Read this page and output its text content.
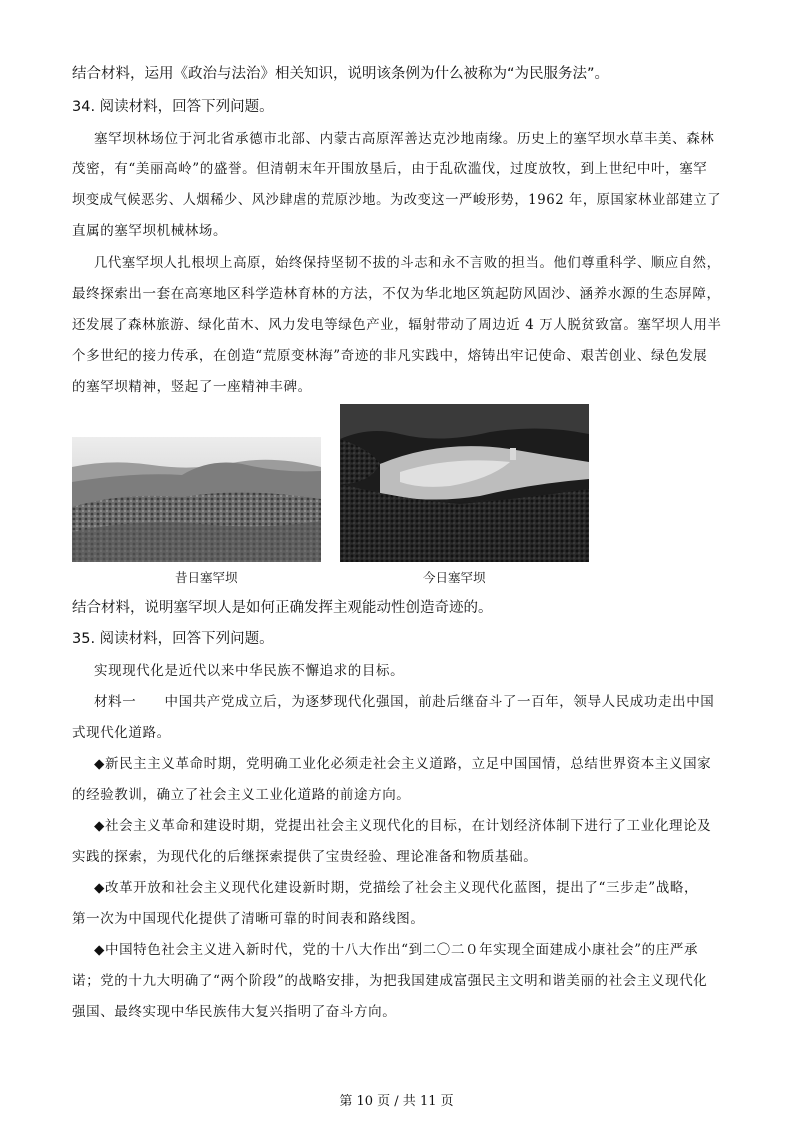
结合材料，运用《政治与法治》相关知识，说明该条例为什么被称为“为民服务法”。
34. 阅读材料，回答下列问题。
塞罕坝林场位于河北省承德市北部、内蒙古高原浑善达克沙地南缘。历史上的塞罕坝水草丰美、森林
茂密，有“美丽高岭”的盛誉。但清朝末年开围放垦后，由于乱砍滥伐，过度放牧，到上世纪中叶，塞罕
坝变成气候恶劣、人烟稀少、风沙肆虐的荒原沙地。为改变这一严峻形势，1962 年，原国家林业部建立了
直属的塞罕坝机械林场。
几代塞罕坝人扎根坝上高原，始终保持坚韧不拔的斗志和永不言败的担当。他们尊重科学、顺应自然，
最终探索出一套在高寒地区科学造林育林的方法，不仅为华北地区筑起防风固沙、涵养水源的生态屏障，
还发展了森林旅游、绿化苗木、风力发电等绿色产业，辐射带动了周边近 4 万人脱贫致富。塞罕坝人用半
个多世纪的接力传承，在创造“荒原变林海”奇迹的非凡实践中，熔铸出牢记使命、艰苦创业、绿色发展
的塞罕坝精神，竖起了一座精神丰碑。
昔日塞罕坝	今日塞罕坝
结合材料，说明塞罕坝人是如何正确发挥主观能动性创造奇迹的。
35. 阅读材料，回答下列问题。
实现现代化是近代以来中华民族不懈追求的目标。
材料一　　中国共产党成立后，为逐梦现代化强国，前赴后继奋斗了一百年，领导人民成功走出中国
式现代化道路。
◆新民主主义革命时期，党明确工业化必须走社会主义道路，立足中国国情，总结世界资本主义国家
的经验教训，确立了社会主义工业化道路的前途方向。
◆社会主义革命和建设时期，党提出社会主义现代化的目标，在计划经济体制下进行了工业化理论及
实践的探索，为现代化的后继探索提供了宝贵经验、理论准备和物质基础。
◆改革开放和社会主义现代化建设新时期，党描绘了社会主义现代化蓝图，提出了“三步走”战略，
第一次为中国现代化提供了清晰可靠的时间表和路线图。
◆中国特色社会主义进入新时代，党的十八大作出“到二〇二０年实现全面建成小康社会”的庄严承
诺；党的十九大明确了“两个阶段”的战略安排，为把我国建成富强民主文明和谐美丽的社会主义现代化
强国、最终实现中华民族伟大复兴指明了奋斗方向。
第 10 页 / 共 11 页
